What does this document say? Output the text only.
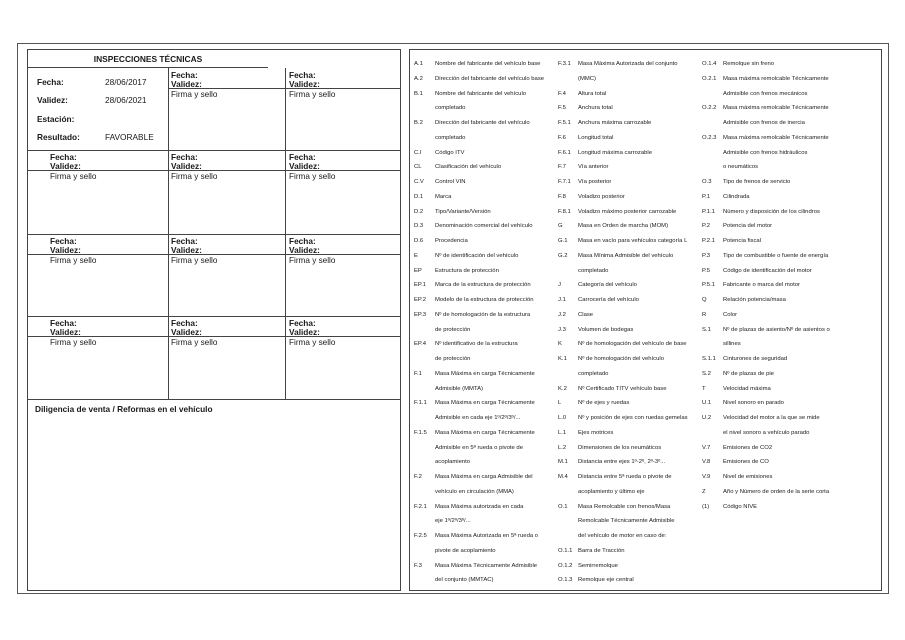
INSPECCIONES TÉCNICAS
Fecha:	28/06/2017
Validez:	28/06/2021
Estación:
Resultado:	FAVORABLE
Fecha:
Validez:
Firma y sello
Fecha:
Validez:
Firma y sello
Fecha:
Validez:
Firma y sello
Fecha:
Validez:
Firma y sello
Fecha:
Validez:
Firma y sello
Fecha:
Validez:
Firma y sello
Fecha:
Validez:
Firma y sello
Fecha:
Validez:
Firma y sello
Fecha:
Validez:
Firma y sello
Fecha:
Validez:
Firma y sello
Fecha:
Validez:
Firma y sello
Diligencia de venta / Reformas en el vehículo
A.1 Nombre del fabricante del vehículo base
A.2 Dirección del fabricante del vehículo base
B.1 Nombre del fabricante del vehículo
completado
B.2 Dirección del fabricante del vehículo
completado
C.I Código ITV
CL Clasificación del vehículo
C.V Control VIN
D.1 Marca
D.2 Tipo/Variante/Versión
D.3 Denominación comercial del vehículo
D.6 Procedencia
E	Nº de identificación del vehículo
EP Estructura de protección
EP.1 Marca de la estructura de protección
EP.2 Modelo de la estructura de protección
EP.3 Nº de homologación de la estructura
de protección
EP.4 Nº identificativo de la estructura
de protección
F.1 Masa Máxima en carga Técnicamente
Admisible (MMTA)
F.1.1 Masa Máxima en carga Técnicamente
Admisible en cada eje 1º/2º/3º/...
F.1.5 Masa Máxima en carga Técnicamente
Admisible en 5ª rueda o pivote de
acoplamiento
F.2 Masa Máxima en carga Admisible del
vehículo en circulación (MMA)
F.2.1 Masa Máxima autorizada en cada
eje 1º/2º/3º/...
F.2.5 Masa Máxima Autorizada en 5ª rueda o
pivote de acoplamiento
F.3 Masa Máxima Técnicamente Admisible
del conjunto (MMTAC)
F.3.1 Masa Máxima Autorizada del conjunto
(MMC)
F.4 Altura total
F.5 Anchura total
F.5.1 Anchura máxima carrozable
F.6 Longitud total
F.6.1 Longitud máxima carrozable
F.7 Vía anterior
F.7.1 Vía posterior
F.8 Voladizo posterior
F.8.1 Voladizo máximo posterior carrozable
G	Masa en Orden de marcha (MOM)
G.1 Masa en vacío para vehículos categoría L
G.2 Masa Mínima Admisible del vehículo
completado
J	Categoría del vehículo
J.1 Carrocería del vehículo
J.2 Clase
J.3 Volumen de bodegas
K	Nº de homologación del vehículo de base
K.1 Nº de homologación del vehículo
completado
K.2 Nº Certificado TITV vehículo base
L	Nº de ejes y ruedas
L.0 Nº y posición de ejes con ruedas gemelas
L.1 Ejes motrices
L.2 Dimensiones de los neumáticos
M.1 Distancia entre ejes 1º-2º, 2º-3º...
M.4 Distancia entre 5ª rueda o pivote de
acoplamiento y último eje
O.1 Masa Remolcable con frenos/Masa
Remolcable Técnicamente Admisible
del vehículo de motor en caso de:
O.1.1 Barra de Tracción
O.1.2 Semirremolque
O.1.3 Remolque eje central
O.1.4 Remolque sin freno
O.2.1 Masa máxima remolcable Técnicamente
Admisible con frenos mecánicos
O.2.2 Masa máxima remolcable Técnicamente
Admisible con frenos de inercia
O.2.3 Masa máxima remolcable Técnicamente
Admisible con frenos hidráulicos
o neumáticos
O.3 Tipo de frenos de servicio
P.1 Cilindrada
P.1.1 Número y disposición de los cilindros
P.2 Potencia del motor
P.2.1 Potencia fiscal
P.3 Tipo de combustible o fuente de energía
P.5 Código de identificación del motor
P.5.1 Fabricante o marca del motor
Q	Relación potencia/masa
R	Color
S.1 Nº de plazas de asiento/Nº de asientos o
sillines
S.1.1 Cinturones de seguridad
S.2 Nº de plazas de pie
T	Velocidad máxima
U.1 Nivel sonoro en parado
U.2 Velocidad del motor a la que se mide
el nivel sonoro a vehículo parado
V.7 Emisiones de CO2
V.8 Emisiones de CO
V.9 Nivel de emisiones
Z	Año y Número de orden de la serie corta
(1) Código NIVE
